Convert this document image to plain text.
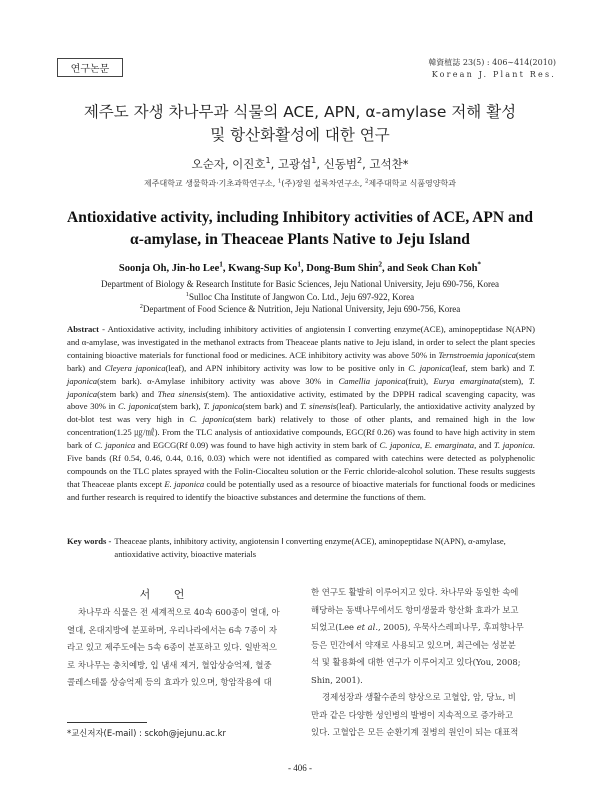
연구논문
韓資植誌 23(5) : 406∼414(2010)
Korean J. Plant Res.
제주도 자생 차나무과 식물의 ACE, APN, α-amylase 저해 활성
및 항산화활성에 대한 연구
오순자, 이진호$^1$, 고광섭$^1$, 신동범$^2$, 고석찬*
제주대학교 생물학과·기초과학연구소, $^1$(주)장원 설록차연구소, $^2$제주대학교 식품영양학과
Antioxidative activity, including Inhibitory activities of ACE, APN and
α-amylase, in Theaceae Plants Native to Jeju Island
Soonja Oh, Jin-ho Lee$^1$, Kwang-Sup Ko$^1$, Dong-Bum Shin$^2$, and Seok Chan Koh*
Department of Biology & Research Institute for Basic Sciences, Jeju National University, Jeju 690-756, Korea
$^1$Sulloc Cha Institute of Jangwon Co. Ltd., Jeju 697-922, Korea
$^2$Department of Food Science & Nutrition, Jeju National University, Jeju 690-756, Korea
Abstract - Antioxidative activity, including inhibitory activities of angiotensin I converting enzyme(ACE), aminopeptidase N(APN) and α-amylase, was investigated in the methanol extracts from Theaceae plants native to Jeju island, in order to select the plant species containing bioactive materials for functional food or medicines. ACE inhibitory activity was above 50% in Ternstroemia japonica(stem bark) and Cleyera japonica(leaf), and APN inhibitory activity was low to be positive only in C. japonica(leaf, stem bark) and T. japonica(stem bark). α-Amylase inhibitory activity was above 30% in Camellia japonica(fruit), Eurya emarginata(stem), T. japonica(stem bark) and Thea sinensis(stem). The antioxidative activity, estimated by the DPPH radical scavenging capacity, was above 30% in C. japonica(stem bark), T. japonica(stem bark) and T. sinensis(leaf). Particularly, the antioxidative activity analyzed by dot-blot test was very high in C. japonica(stem bark) relatively to those of other plants, and remained high in the low concentration(1.25 ㎍/㎖). From the TLC analysis of antioxidative compounds, EGC(Rf 0.26) was found to have high activity in stem bark of C. japonica and EGCG(Rf 0.09) was found to have high activity in stem bark of C. japonica, E. emarginata, and T. japonica. Five bands (Rf 0.54, 0.46, 0.44, 0.16, 0.03) which were not identified as compared with catechins were detected as polyphenolic compounds on the TLC plates sprayed with the Folin-Ciocalteu solution or the Ferric chloride-alcohol solution. These results suggests that Theaceae plants except E. japonica could be potentially used as a resource of bioactive materials for functional foods or medicines and further research is required to identify the bioactive substances and determine the functions of them.
Key words - Theaceae plants, inhibitory activity, angiotensin Ⅰ converting enzyme(ACE), aminopeptidase N(APN), α-amylase, antioxidative activity, bioactive materials
서 언

차나무과 식물은 전 세계적으로 40속 600종이 열대, 아

열대, 온대지방에 분포하며, 우리나라에서는 6속 7종이 자

라고 있고 제주도에는 5속 6종이 분포하고 있다. 일반적으

로 차나무는 충치예방, 입 냄새 제거, 혈압상승억제, 혈중

콜레스테롤 상승억제 등의 효과가 있으며, 항암작용에 대

한 연구도 활발히 이루어지고 있다. 차나무와 동일한 속에

해당하는 동백나무에서도 항미생물과 항산화 효과가 보고

되었고(Lee et al., 2005), 우묵사스레피나무, 후피향나무

등은 민간에서 약재로 사용되고 있으며, 최근에는 성분분

석 및 활용화에 대한 연구가 이루어지고 있다(You, 2008;

Shin, 2001).

경제성장과 생활수준의 향상으로 고혈압, 암, 당뇨, 비

만과 같은 다양한 성인병의 발병이 지속적으로 증가하고

있다. 고혈압은 모든 순환기계 질병의 원인이 되는 대표적

*교신저자(E-mail) : sckoh@jejunu.ac.kr
- 406 -
